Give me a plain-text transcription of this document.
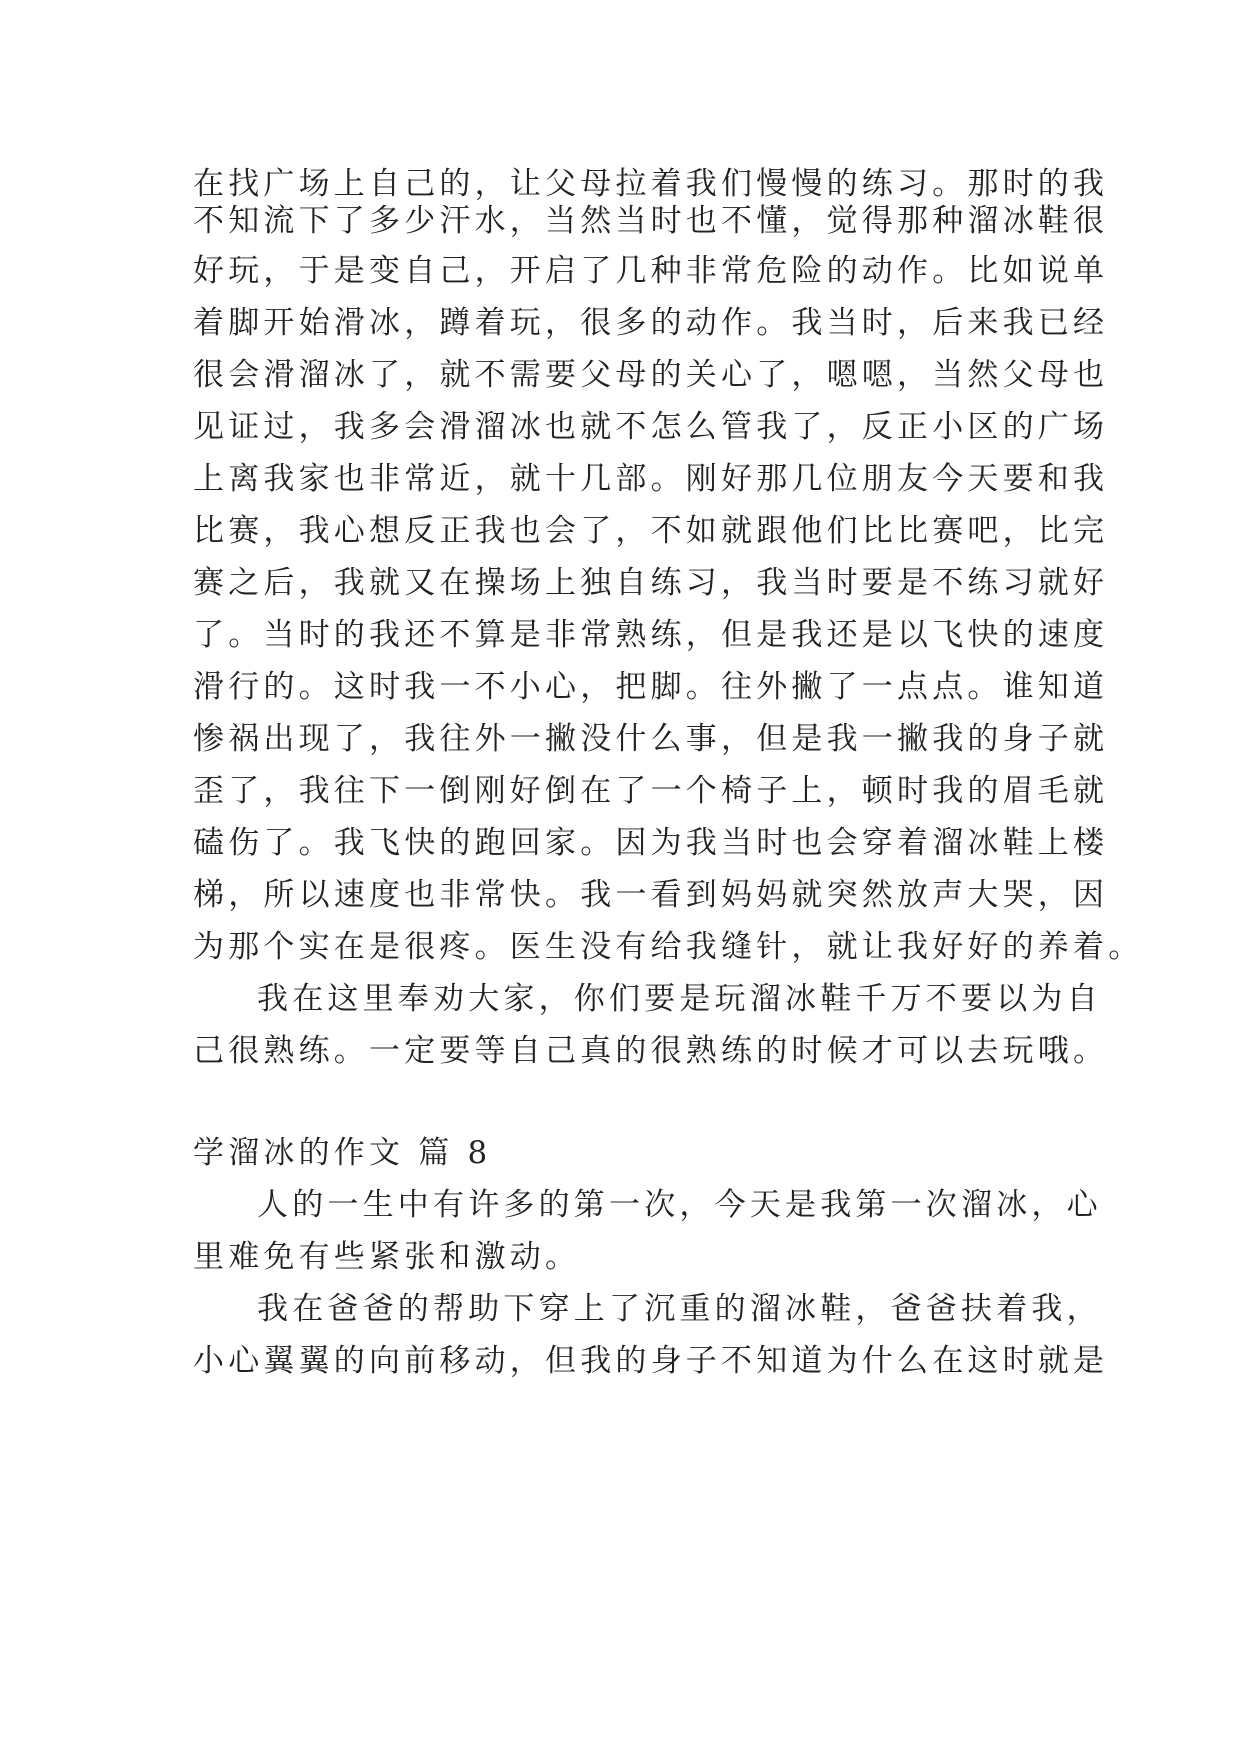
在找广场上自己的，让父母拉着我们慢慢的练习。那时的我
不知流下了多少汗水，当然当时也不懂，觉得那种溜冰鞋很
好玩，于是变自己，开启了几种非常危险的动作。比如说单
着脚开始滑冰，蹲着玩，很多的动作。我当时，后来我已经
很会滑溜冰了，就不需要父母的关心了，嗯嗯，当然父母也
见证过，我多会滑溜冰也就不怎么管我了，反正小区的广场
上离我家也非常近，就十几部。刚好那几位朋友今天要和我
比赛，我心想反正我也会了，不如就跟他们比比赛吧，比完
赛之后，我就又在操场上独自练习，我当时要是不练习就好
了。当时的我还不算是非常熟练，但是我还是以飞快的速度
滑行的。这时我一不小心，把脚。往外撇了一点点。谁知道
惨祸出现了，我往外一撇没什么事，但是我一撇我的身子就
歪了，我往下一倒刚好倒在了一个椅子上，顿时我的眉毛就
磕伤了。我飞快的跑回家。因为我当时也会穿着溜冰鞋上楼
梯，所以速度也非常快。我一看到妈妈就突然放声大哭，因
为那个实在是很疼。医生没有给我缝针，就让我好好的养着。
我在这里奉劝大家，你们要是玩溜冰鞋千万不要以为自
己很熟练。一定要等自己真的很熟练的时候才可以去玩哦。
学溜冰的作文 篇 8
人的一生中有许多的第一次，今天是我第一次溜冰，心
里难免有些紧张和激动。
我在爸爸的帮助下穿上了沉重的溜冰鞋，爸爸扶着我，
小心翼翼的向前移动，但我的身子不知道为什么在这时就是
